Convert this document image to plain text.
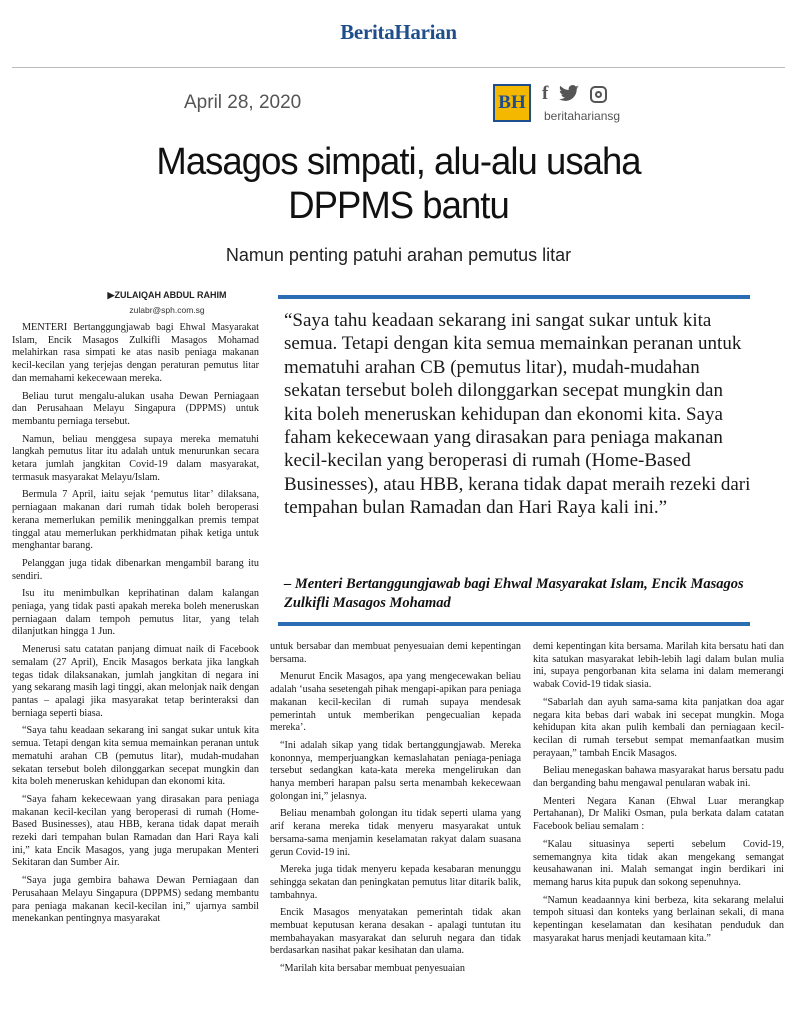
BeritaHarian
April 28, 2020	BH f
beritahariansg
Masagos simpati, alu-alu usaha
DPPMS bantu
Namun penting patuhi arahan pemutus litar
▶ZULAIQAH ABDUL RAHIM
zulabr@sph.com.sg	“Saya tahu keadaan sekarang ini sangat sukar untuk kita semua. Tetapi dengan kita semua memainkan peranan untuk mematuhi arahan CB (pemutus litar), mudah-mudahan sekatan tersebut boleh dilonggarkan secepat mungkin dan kita boleh meneruskan kehidupan dan ekonomi kita. Saya faham kekecewaan yang dirasakan para peniaga makanan kecil-kecilan yang beroperasi di rumah (Home-Based Businesses), atau HBB, kerana tidak dapat meraih rezeki dari tempahan bulan Ramadan dan Hari Raya kali ini.”
– Menteri Bertanggungjawab bagi Ehwal Masyarakat Islam, Encik Masagos Zulkifli Masagos Mohamad

MENTERI Bertanggungjawab bagi Ehwal Masyarakat Islam, Encik Masagos Zulkifli Masagos Mohamad melahirkan rasa simpati ke atas nasib peniaga makanan kecil-kecilan yang terjejas dengan peraturan pemutus litar dan memahami kekecewaan mereka.

Beliau turut mengalu-alukan usaha Dewan Perniagaan dan Perusahaan Melayu Singapura (DPPMS) untuk membantu perniaga tersebut.

Namun, beliau menggesa supaya mereka mematuhi langkah pemutus litar itu adalah untuk menurunkan secara ketara jumlah jangkitan Covid-19 dalam masyarakat, termasuk masyarakat Melayu/Islam.

Bermula 7 April, iaitu sejak ‘pemutus litar’ dilaksana, perniagaan makanan dari rumah tidak boleh beroperasi kerana memerlukan pemilik meninggalkan premis tempat tinggal atau memerlukan perkhidmatan pihak ketiga untuk menghantar barang.

Pelanggan juga tidak dibenarkan mengambil barang itu sendiri.

Isu itu menimbulkan keprihatinan dalam kalangan peniaga, yang tidak pasti apakah mereka boleh meneruskan perniagaan dalam tempoh pemutus litar, yang telah dilanjutkan hingga 1 Jun.

Menerusi satu catatan panjang dimuat naik di Facebook semalam (27 April), Encik Masagos berkata jika langkah tegas tidak dilaksanakan, jumlah jangkitan di negara ini yang sekarang masih lagi tinggi, akan melonjak naik dengan pantas – apalagi jika masyarakat tetap berinteraksi dan berniaga seperti biasa.

“Saya tahu keadaan sekarang ini sangat sukar untuk kita semua. Tetapi dengan kita semua memainkan peranan untuk mematuhi arahan CB (pemutus litar), mudah-mudahan sekatan tersebut boleh dilonggarkan secepat mungkin dan kita boleh meneruskan kehidupan dan ekonomi kita.

“Saya faham kekecewaan yang dirasakan para peniaga makanan kecil-kecilan yang beroperasi di rumah (Home-Based Businesses), atau HBB, kerana tidak dapat meraih rezeki dari tempahan bulan Ramadan dan Hari Raya kali ini,” kata Encik Masagos, yang juga merupakan Menteri Sekitaran dan Sumber Air.

“Saya juga gembira bahawa Dewan Perniagaan dan Perusahaan Melayu Singapura (DPPMS) sedang membantu para peniaga makanan kecil-kecilan ini,” ujarnya sambil menekankan pentingnya masyarakat

untuk bersabar dan membuat penyesuaian demi kepentingan bersama.

Menurut Encik Masagos, apa yang mengecewakan beliau adalah ‘usaha sesetengah pihak mengapi-apikan para peniaga makanan kecil-kecilan di rumah supaya mendesak pemerintah untuk memberikan pengecualian kepada mereka’.

“Ini adalah sikap yang tidak bertanggungjawab. Mereka kononnya, memperjuangkan kemaslahatan peniaga-peniaga tersebut sedangkan kata-kata mereka mengelirukan dan hanya memberi harapan palsu serta menambah kekecewaan golongan ini,” jelasnya.

Beliau menambah golongan itu tidak seperti ulama yang arif kerana mereka tidak menyeru masyarakat untuk bersama-sama menjamin keselamatan rakyat dalam suasana gerun Covid-19 ini.

Mereka juga tidak menyeru kepada kesabaran menunggu sehingga sekatan dan peningkatan pemutus litar ditarik balik, tambahnya.

Encik Masagos menyatakan pemerintah tidak akan membuat keputusan kerana desakan - apalagi tuntutan itu membahayakan masyarakat dan seluruh negara dan tidak berdasarkan nasihat pakar kesihatan dan ulama.

“Marilah kita bersabar membuat penyesuaian

demi kepentingan kita bersama. Marilah kita bersatu hati dan kita satukan masyarakat lebih-lebih lagi dalam bulan mulia ini, supaya pengorbanan kita selama ini dalam memerangi wabak Covid-19 tidak siasia.

“Sabarlah dan ayuh sama-sama kita panjatkan doa agar negara kita bebas dari wabak ini secepat mungkin. Moga kehidupan kita akan pulih kembali dan perniagaan kecil-kecilan di rumah tersebut sempat memanfaatkan musim perayaan,” tambah Encik Masagos.

Beliau menegaskan bahawa masyarakat harus bersatu padu dan berganding bahu mengawal penularan wabak ini.

Menteri Negara Kanan (Ehwal Luar merangkap Pertahanan), Dr Maliki Osman, pula berkata dalam catatan Facebook beliau semalam :

“Kalau situasinya seperti sebelum Covid-19, sememangnya kita tidak akan mengekang semangat keusahawanan ini. Malah semangat ingin berdikari ini memang harus kita pupuk dan sokong sepenuhnya.

“Namun keadaannya kini berbeza, kita sekarang melalui tempoh situasi dan konteks yang berlainan sekali, di mana kepentingan keselamatan dan kesihatan penduduk dan masyarakat harus menjadi keutamaan kita.”
